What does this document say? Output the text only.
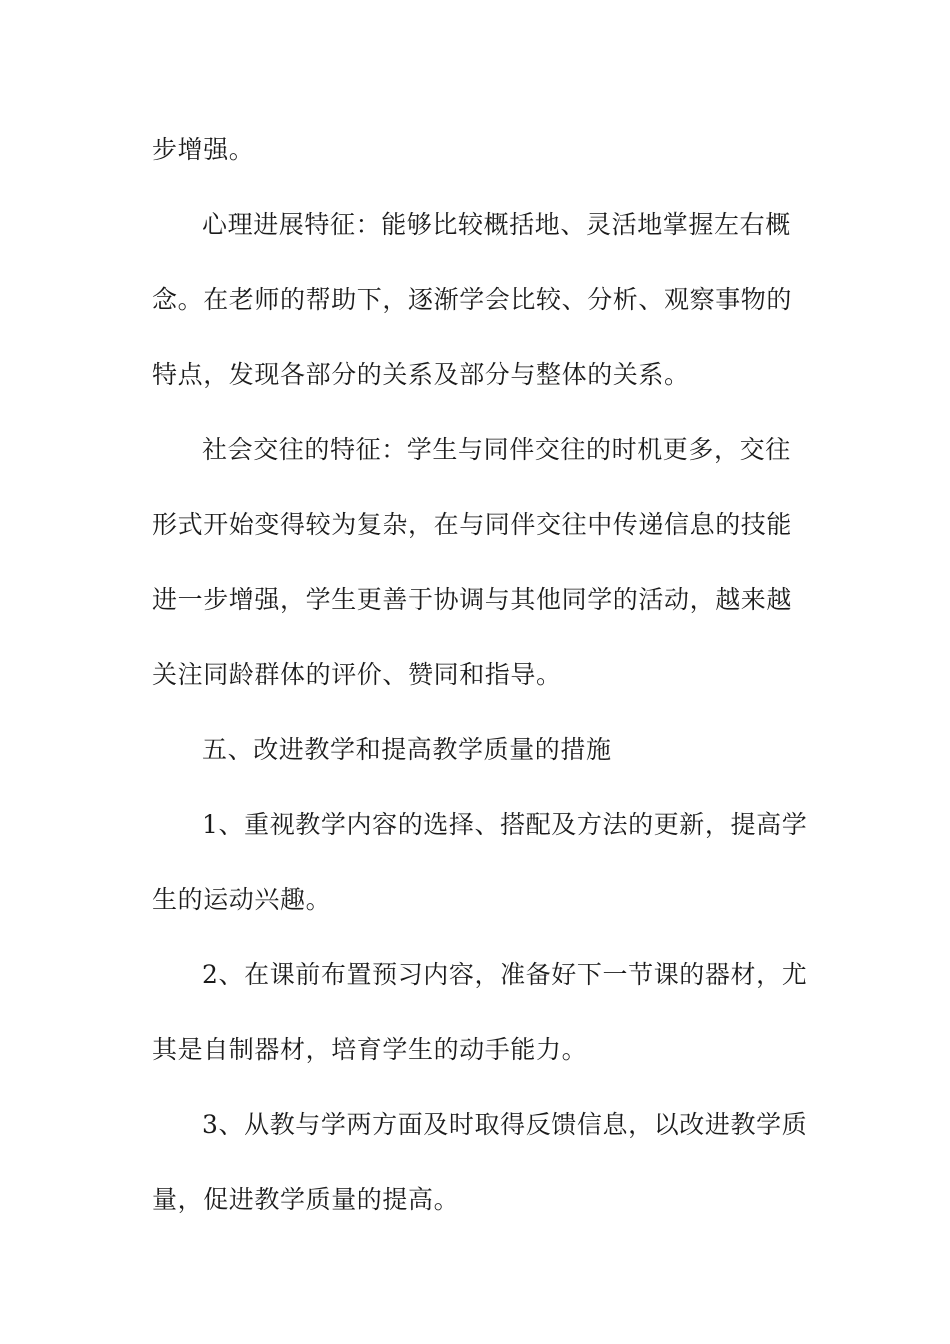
步增强。
心理进展特征：能够比较概括地、灵活地掌握左右概
念。在老师的帮助下，逐渐学会比较、分析、观察事物的
特点，发现各部分的关系及部分与整体的关系。
社会交往的特征：学生与同伴交往的时机更多，交往
形式开始变得较为复杂，在与同伴交往中传递信息的技能
进一步增强，学生更善于协调与其他同学的活动，越来越
关注同龄群体的评价、赞同和指导。
五、改进教学和提高教学质量的措施
1、重视教学内容的选择、搭配及方法的更新，提高学
生的运动兴趣。
2、在课前布置预习内容，准备好下一节课的器材，尤
其是自制器材，培育学生的动手能力。
3、从教与学两方面及时取得反馈信息，以改进教学质
量，促进教学质量的提高。
